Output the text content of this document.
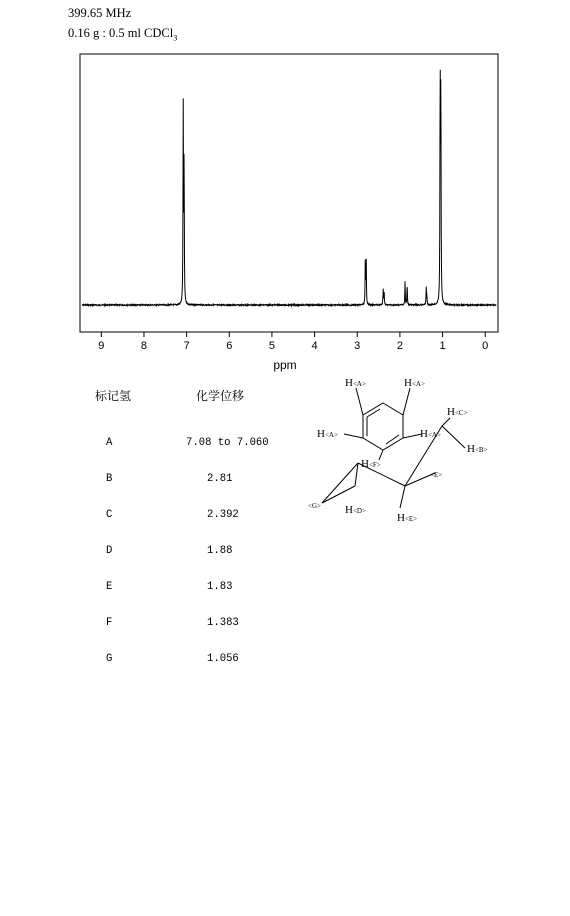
399.65 MHz
0.16 g : 0.5 ml CDCl$_3$
9	8	7	6	5	4	3	2	1	0
ppm
标记氢	化学位移

A	7.08 to 7.060

B	2.81

C	2.392

D	1.88

E	1.83

F	1.383

G	1.056

H<A>	H<A>
H<A>	H<A>
H<C>
H<B>
H<F>
<G>
<E>
H<D>
H<E>
